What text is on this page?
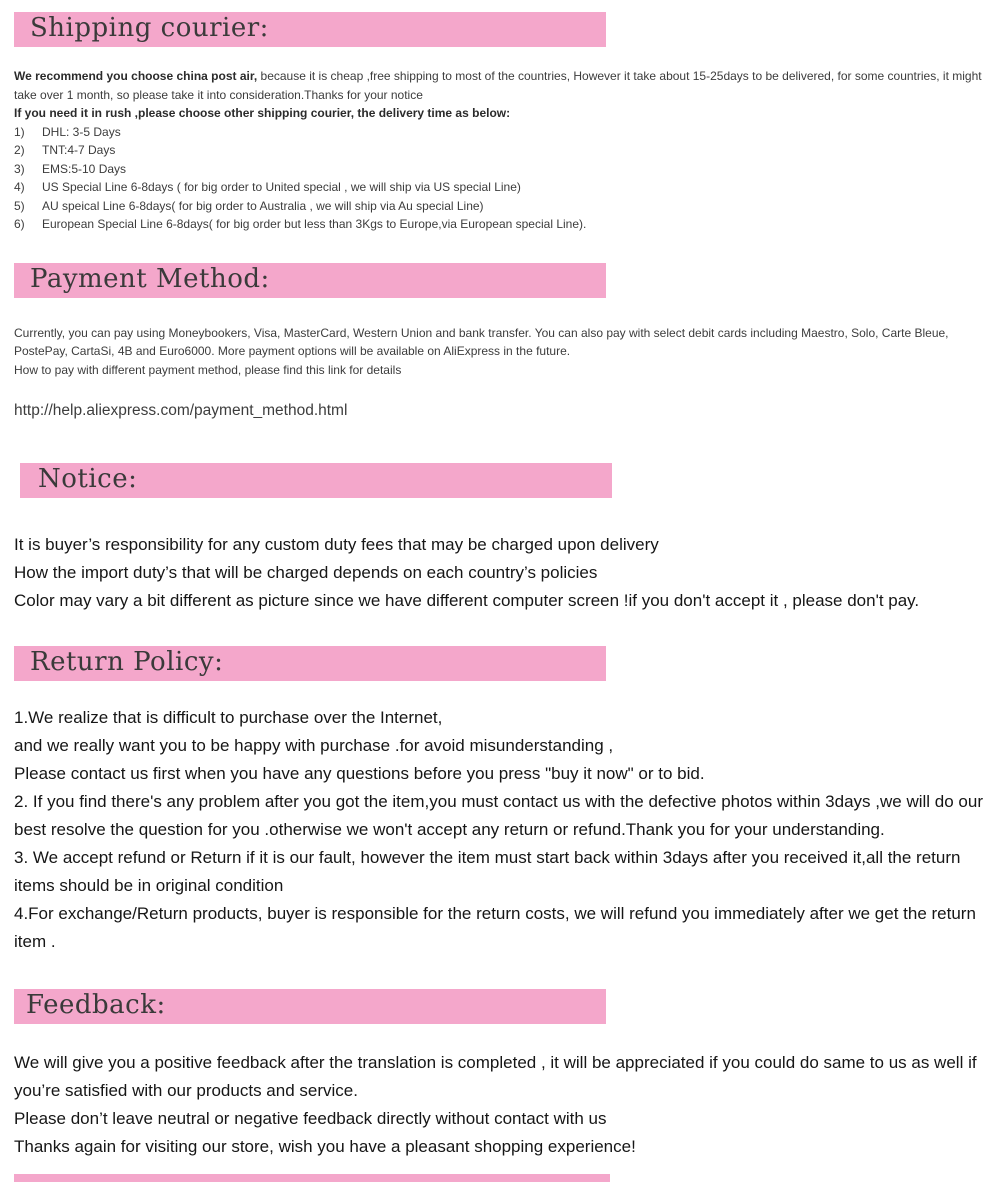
Shipping courier:

We recommend you choose china post air, because it is cheap ,free shipping to most of the countries, However it take about 15-25days to be delivered, for some countries, it might take over 1 month, so please take it into consideration.Thanks for your notice

If you need it in rush ,please choose other shipping courier, the delivery time as below:

1)	DHL: 3-5 Days
2)	TNT:4-7 Days
3)	EMS:5-10 Days
4)	US Special Line 6-8days ( for big order to United special , we will ship via US special Line)
5)	AU speical Line 6-8days( for big order to Australia , we will ship via Au special Line)
6)	European Special Line 6-8days( for big order but less than 3Kgs to Europe,via European special Line).
Payment Method:

Currently, you can pay using Moneybookers, Visa, MasterCard, Western Union and bank transfer. You can also pay with select debit cards including Maestro, Solo, Carte Bleue, PostePay, CartaSi, 4B and Euro6000. More payment options will be available on AliExpress in the future.

How to pay with different payment method, please find this link for details

http://help.aliexpress.com/payment_method.html
Notice:

It is buyer’s responsibility for any custom duty fees that may be charged upon delivery

How the import duty’s that will be charged depends on each country’s policies

Color may vary a bit different as picture since we have different computer screen !if you don't accept it , please don't pay.

Return Policy:

1.We realize that is difficult to purchase over the Internet,

and we really want you to be happy with purchase .for avoid misunderstanding ,

Please contact us first when you have any questions before you press "buy it now" or to bid.

2. If you find there's any problem after you got the item,you must contact us with the defective photos within 3days ,we will do our best resolve the question for you .otherwise we won't accept any return or refund.Thank you for your understanding.

3. We accept refund or Return if it is our fault, however the item must start back within 3days after you received it,all the return items should be in original condition

4.For exchange/Return products, buyer is responsible for the return costs, we will refund you immediately after we get the return item .

Feedback:

We will give you a positive feedback after the translation is completed , it will be appreciated if you could do same to us as well if you’re satisfied with our products and service.

Please don’t leave neutral or negative feedback directly without contact with us

Thanks again for visiting our store, wish you have a pleasant shopping experience!
